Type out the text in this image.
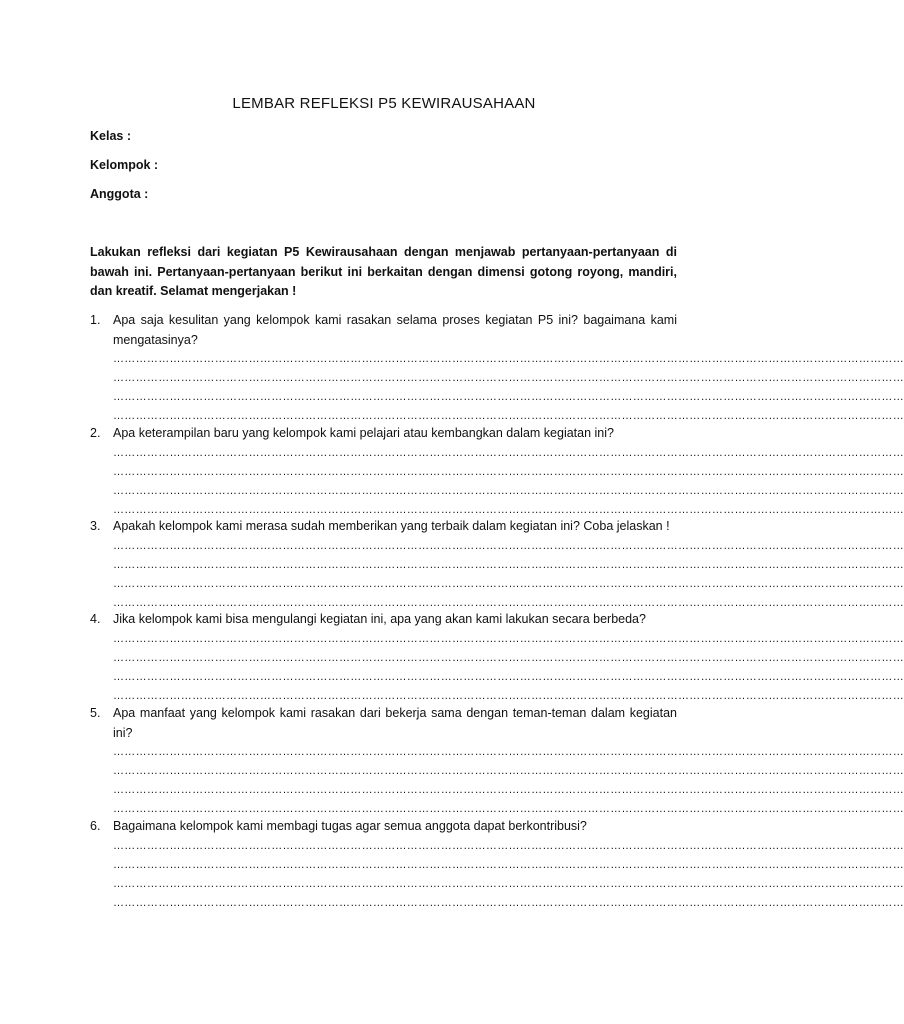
LEMBAR REFLEKSI P5 KEWIRAUSAHAAN
Kelas :
Kelompok :
Anggota :
Lakukan refleksi dari kegiatan P5 Kewirausahaan dengan menjawab pertanyaan-pertanyaan di bawah ini. Pertanyaan-pertanyaan berikut ini berkaitan dengan dimensi gotong royong, mandiri, dan kreatif. Selamat mengerjakan !
1.	Apa saja kesulitan yang kelompok kami rasakan selama proses kegiatan P5 ini? bagaimana kami mengatasinya?
…………………………………………………………………………………………………………………………………………………………………………………………
…………………………………………………………………………………………………………………………………………………………………………………………
…………………………………………………………………………………………………………………………………………………………………………………………
…………………………………………………………………………………………………………………………………………………………………………………………
2.	Apa keterampilan baru yang kelompok kami pelajari atau kembangkan dalam kegiatan ini?
…………………………………………………………………………………………………………………………………………………………………………………………
…………………………………………………………………………………………………………………………………………………………………………………………
…………………………………………………………………………………………………………………………………………………………………………………………
…………………………………………………………………………………………………………………………………………………………………………………………
3.	Apakah kelompok kami merasa sudah memberikan yang terbaik dalam kegiatan ini? Coba jelaskan !
…………………………………………………………………………………………………………………………………………………………………………………………
…………………………………………………………………………………………………………………………………………………………………………………………
…………………………………………………………………………………………………………………………………………………………………………………………
…………………………………………………………………………………………………………………………………………………………………………………………
4.	Jika kelompok kami bisa mengulangi kegiatan ini, apa yang akan kami lakukan secara berbeda?
…………………………………………………………………………………………………………………………………………………………………………………………
…………………………………………………………………………………………………………………………………………………………………………………………
…………………………………………………………………………………………………………………………………………………………………………………………
…………………………………………………………………………………………………………………………………………………………………………………………
5.	Apa manfaat yang kelompok kami rasakan dari bekerja sama dengan teman-teman dalam kegiatan ini?
…………………………………………………………………………………………………………………………………………………………………………………………
…………………………………………………………………………………………………………………………………………………………………………………………
…………………………………………………………………………………………………………………………………………………………………………………………
…………………………………………………………………………………………………………………………………………………………………………………………
6.	Bagaimana kelompok kami membagi tugas agar semua anggota dapat berkontribusi?
…………………………………………………………………………………………………………………………………………………………………………………………
…………………………………………………………………………………………………………………………………………………………………………………………
…………………………………………………………………………………………………………………………………………………………………………………………
…………………………………………………………………………………………………………………………………………………………………………………………
